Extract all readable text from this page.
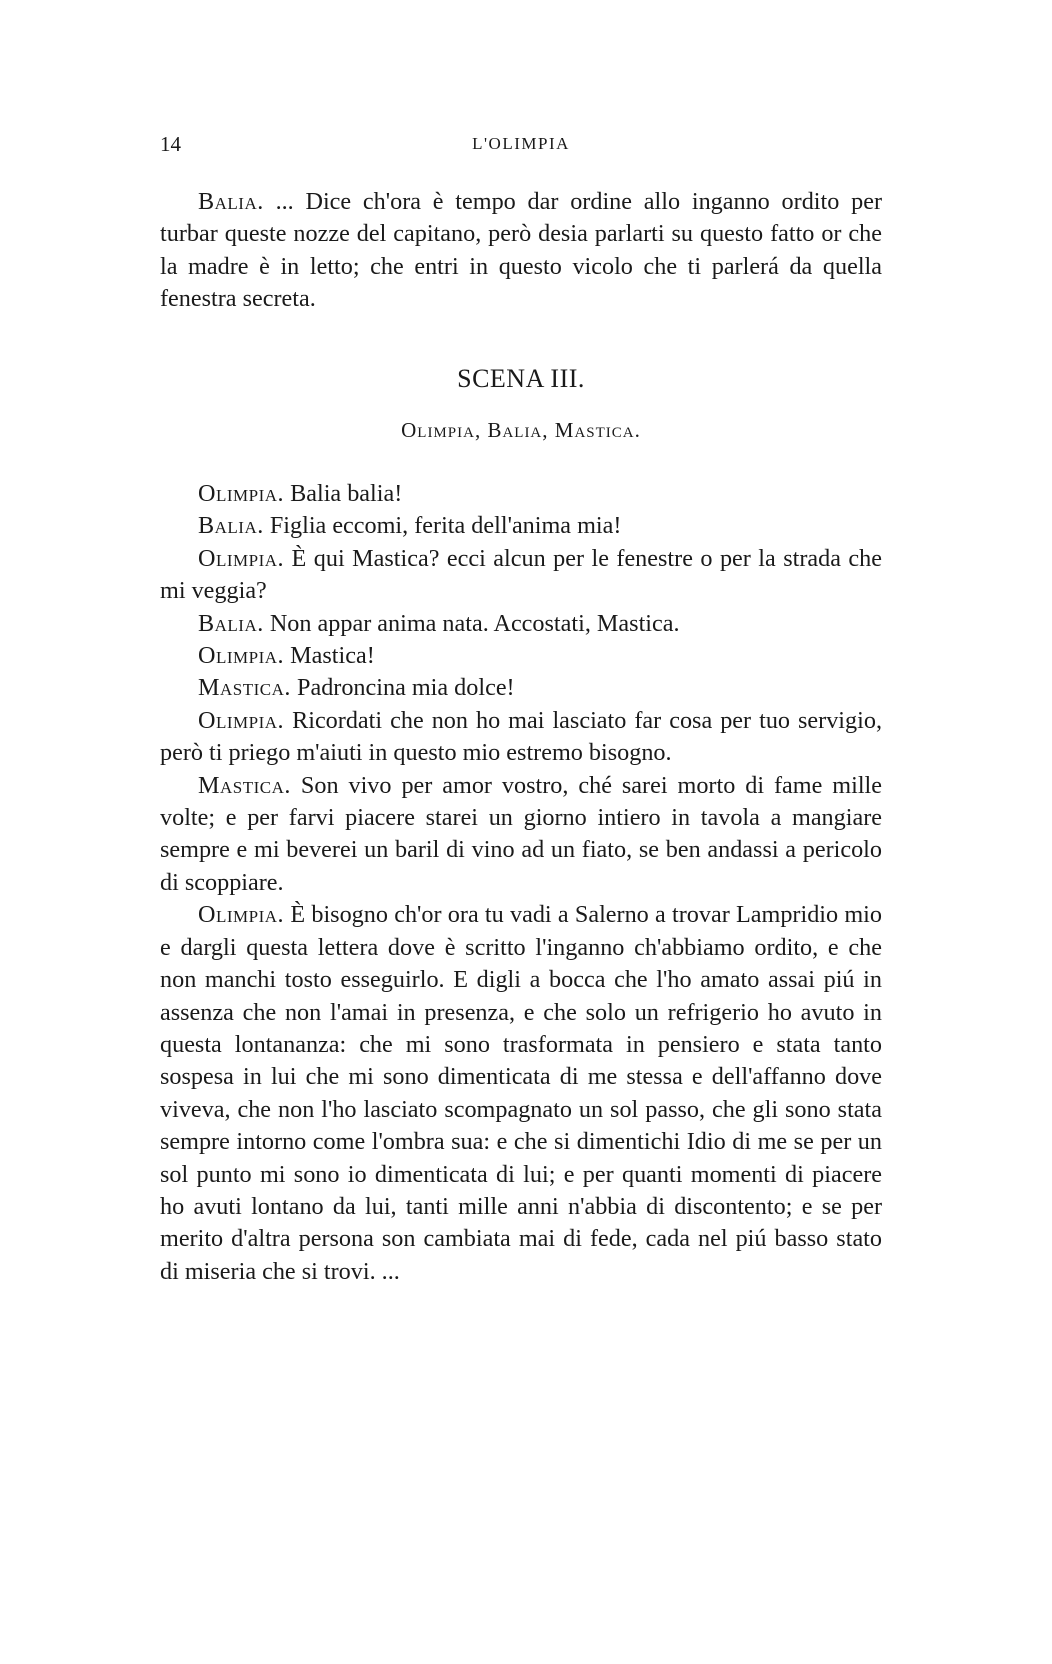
14	L'OLIMPIA

Balia. ... Dice ch'ora è tempo dar ordine allo inganno ordito per turbar queste nozze del capitano, però desia parlarti su questo fatto or che la madre è in letto; che entri in questo vicolo che ti parlerá da quella fenestra secreta.

SCENA III.
Olimpia, Balia, Mastica.

Olimpia. Balia balia!

Balia. Figlia eccomi, ferita dell'anima mia!

Olimpia. È qui Mastica? ecci alcun per le fenestre o per la strada che mi veggia?

Balia. Non appar anima nata. Accostati, Mastica.

Olimpia. Mastica!

Mastica. Padroncina mia dolce!

Olimpia. Ricordati che non ho mai lasciato far cosa per tuo servigio, però ti priego m'aiuti in questo mio estremo bisogno.

Mastica. Son vivo per amor vostro, ché sarei morto di fame mille volte; e per farvi piacere starei un giorno intiero in tavola a mangiare sempre e mi beverei un baril di vino ad un fiato, se ben andassi a pericolo di scoppiare.

Olimpia. È bisogno ch'or ora tu vadi a Salerno a trovar Lampridio mio e dargli questa lettera dove è scritto l'inganno ch'abbiamo ordito, e che non manchi tosto esseguirlo. E digli a bocca che l'ho amato assai piú in assenza che non l'amai in presenza, e che solo un refrigerio ho avuto in questa lontananza: che mi sono trasformata in pensiero e stata tanto sospesa in lui che mi sono dimenticata di me stessa e dell'affanno dove viveva, che non l'ho lasciato scompagnato un sol passo, che gli sono stata sempre intorno come l'ombra sua: e che si dimentichi Idio di me se per un sol punto mi sono io dimenticata di lui; e per quanti momenti di piacere ho avuti lontano da lui, tanti mille anni n'abbia di discontento; e se per merito d'altra persona son cambiata mai di fede, cada nel piú basso stato di miseria che si trovi. ...
